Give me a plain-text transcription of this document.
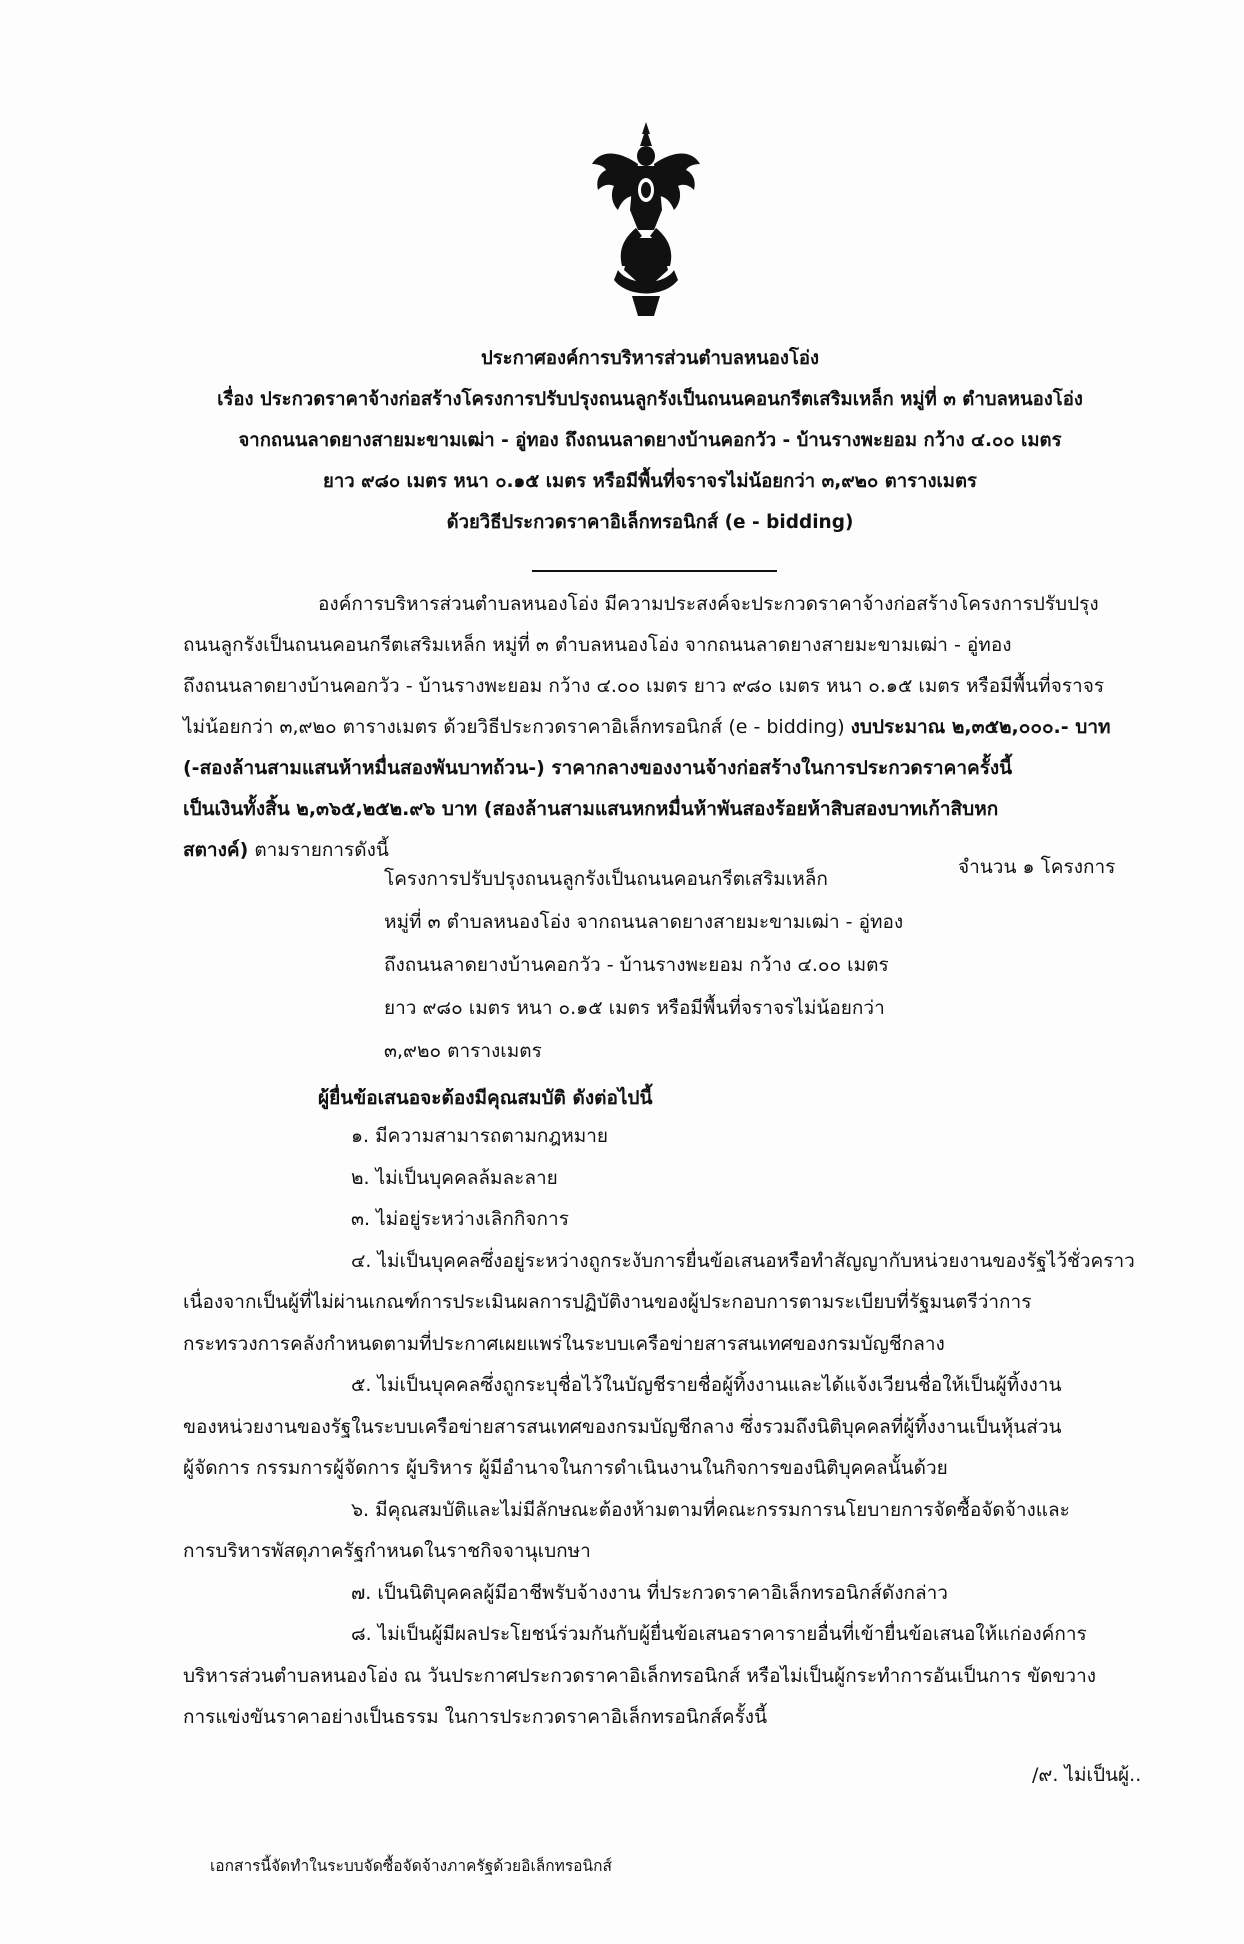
ประกาศองค์การบริหารส่วนตำบลหนองโอ่ง
เรื่อง ประกวดราคาจ้างก่อสร้างโครงการปรับปรุงถนนลูกรังเป็นถนนคอนกรีตเสริมเหล็ก หมู่ที่ ๓ ตำบลหนองโอ่ง
จากถนนลาดยางสายมะขามเฒ่า - อู่ทอง ถึงถนนลาดยางบ้านคอกวัว - บ้านรางพะยอม กว้าง ๔.๐๐ เมตร
ยาว ๙๘๐ เมตร หนา ๐.๑๕ เมตร หรือมีพื้นที่จราจรไม่น้อยกว่า ๓,๙๒๐ ตารางเมตร
ด้วยวิธีประกวดราคาอิเล็กทรอนิกส์ (e - bidding)
องค์การบริหารส่วนตำบลหนองโอ่ง มีความประสงค์จะประกวดราคาจ้างก่อสร้างโครงการปรับปรุง
ถนนลูกรังเป็นถนนคอนกรีตเสริมเหล็ก หมู่ที่ ๓ ตำบลหนองโอ่ง จากถนนลาดยางสายมะขามเฒ่า - อู่ทอง
ถึงถนนลาดยางบ้านคอกวัว - บ้านรางพะยอม กว้าง ๔.๐๐ เมตร ยาว ๙๘๐ เมตร หนา ๐.๑๕ เมตร หรือมีพื้นที่จราจร
ไม่น้อยกว่า ๓,๙๒๐ ตารางเมตร ด้วยวิธีประกวดราคาอิเล็กทรอนิกส์ (e - bidding) งบประมาณ ๒,๓๕๒,๐๐๐.- บาท
(-สองล้านสามแสนห้าหมื่นสองพันบาทถ้วน-) ราคากลางของงานจ้างก่อสร้างในการประกวดราคาครั้งนี้
เป็นเงินทั้งสิ้น ๒,๓๖๕,๒๕๒.๙๖ บาท (สองล้านสามแสนหกหมื่นห้าพันสองร้อยห้าสิบสองบาทเก้าสิบหก
สตางค์) ตามรายการดังนี้
โครงการปรับปรุงถนนลูกรังเป็นถนนคอนกรีตเสริมเหล็ก
หมู่ที่ ๓ ตำบลหนองโอ่ง จากถนนลาดยางสายมะขามเฒ่า - อู่ทอง
ถึงถนนลาดยางบ้านคอกวัว - บ้านรางพะยอม กว้าง ๔.๐๐ เมตร
ยาว ๙๘๐ เมตร หนา ๐.๑๕ เมตร หรือมีพื้นที่จราจรไม่น้อยกว่า
๓,๙๒๐ ตารางเมตร
จำนวน ๑ โครงการ
ผู้ยื่นข้อเสนอจะต้องมีคุณสมบัติ ดังต่อไปนี้
๑. มีความสามารถตามกฎหมาย
๒. ไม่เป็นบุคคลล้มละลาย
๓. ไม่อยู่ระหว่างเลิกกิจการ
๔. ไม่เป็นบุคคลซึ่งอยู่ระหว่างถูกระงับการยื่นข้อเสนอหรือทำสัญญากับหน่วยงานของรัฐไว้ชั่วคราว
เนื่องจากเป็นผู้ที่ไม่ผ่านเกณฑ์การประเมินผลการปฏิบัติงานของผู้ประกอบการตามระเบียบที่รัฐมนตรีว่าการ
กระทรวงการคลังกำหนดตามที่ประกาศเผยแพร่ในระบบเครือข่ายสารสนเทศของกรมบัญชีกลาง
๕. ไม่เป็นบุคคลซึ่งถูกระบุชื่อไว้ในบัญชีรายชื่อผู้ทิ้งงานและได้แจ้งเวียนชื่อให้เป็นผู้ทิ้งงาน
ของหน่วยงานของรัฐในระบบเครือข่ายสารสนเทศของกรมบัญชีกลาง ซึ่งรวมถึงนิติบุคคลที่ผู้ทิ้งงานเป็นหุ้นส่วน
ผู้จัดการ กรรมการผู้จัดการ ผู้บริหาร ผู้มีอำนาจในการดำเนินงานในกิจการของนิติบุคคลนั้นด้วย
๖. มีคุณสมบัติและไม่มีลักษณะต้องห้ามตามที่คณะกรรมการนโยบายการจัดซื้อจัดจ้างและ
การบริหารพัสดุภาครัฐกำหนดในราชกิจจานุเบกษา
๗. เป็นนิติบุคคลผู้มีอาชีพรับจ้างงาน ที่ประกวดราคาอิเล็กทรอนิกส์ดังกล่าว
๘. ไม่เป็นผู้มีผลประโยชน์ร่วมกันกับผู้ยื่นข้อเสนอราคารายอื่นที่เข้ายื่นข้อเสนอให้แก่องค์การ
บริหารส่วนตำบลหนองโอ่ง ณ วันประกาศประกวดราคาอิเล็กทรอนิกส์ หรือไม่เป็นผู้กระทำการอันเป็นการ ขัดขวาง
การแข่งขันราคาอย่างเป็นธรรม ในการประกวดราคาอิเล็กทรอนิกส์ครั้งนี้
/๙. ไม่เป็นผู้..
เอกสารนี้จัดทำในระบบจัดซื้อจัดจ้างภาครัฐด้วยอิเล็กทรอนิกส์
